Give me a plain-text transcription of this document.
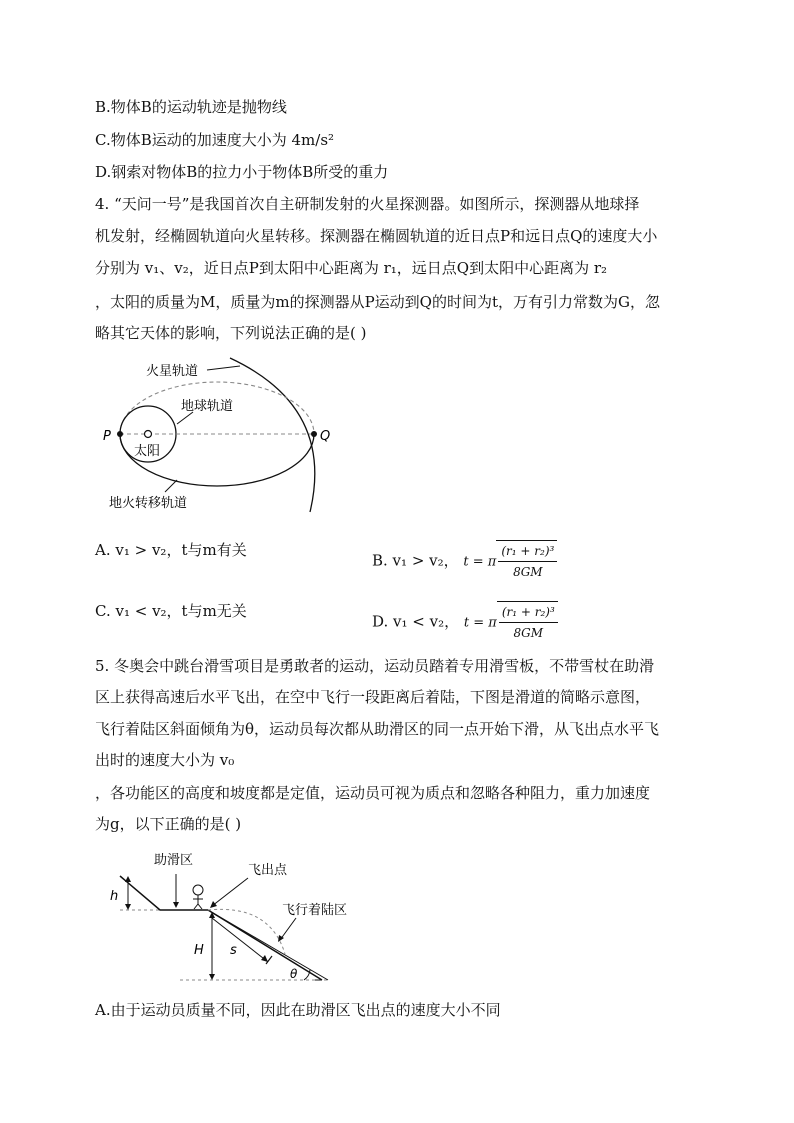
B.物体B的运动轨迹是抛物线
C.物体B运动的加速度大小为 4m/s²
D.钢索对物体B的拉力小于物体B所受的重力
4. “天问一号”是我国首次自主研制发射的火星探测器。如图所示，探测器从地球择
机发射，经椭圆轨道向火星转移。探测器在椭圆轨道的近日点P和远日点Q的速度大小
分别为 v₁、v₂，近日点P到太阳中心距离为 r₁，远日点Q到太阳中心距离为 r₂
，太阳的质量为M，质量为m的探测器从P运动到Q的时间为t，万有引力常数为G，忽
略其它天体的影响，下列说法正确的是( )
火星轨道
地球轨道
太阳
P	Q
地火转移轨道
A. v₁ > v₂，t与m有关
B. v₁ > v₂， t = π $\frac{\text{(r₁ + r₂)³}}{8GM}$
C. v₁ < v₂，t与m无关
D. v₁ < v₂， t = π $\frac{\text{(r₁ + r₂)³}}{8GM}$
5. 冬奥会中跳台滑雪项目是勇敢者的运动，运动员踏着专用滑雪板，不带雪杖在助滑
区上获得高速后水平飞出，在空中飞行一段距离后着陆，下图是滑道的简略示意图，
飞行着陆区斜面倾角为θ，运动员每次都从助滑区的同一点开始下滑，从飞出点水平飞
出时的速度大小为 v₀
，各功能区的高度和坡度都是定值，运动员可视为质点和忽略各种阻力，重力加速度
为g，以下正确的是( )
助滑区
飞出点
飞行着陆区
h
H s
θ
A.由于运动员质量不同，因此在助滑区飞出点的速度大小不同
